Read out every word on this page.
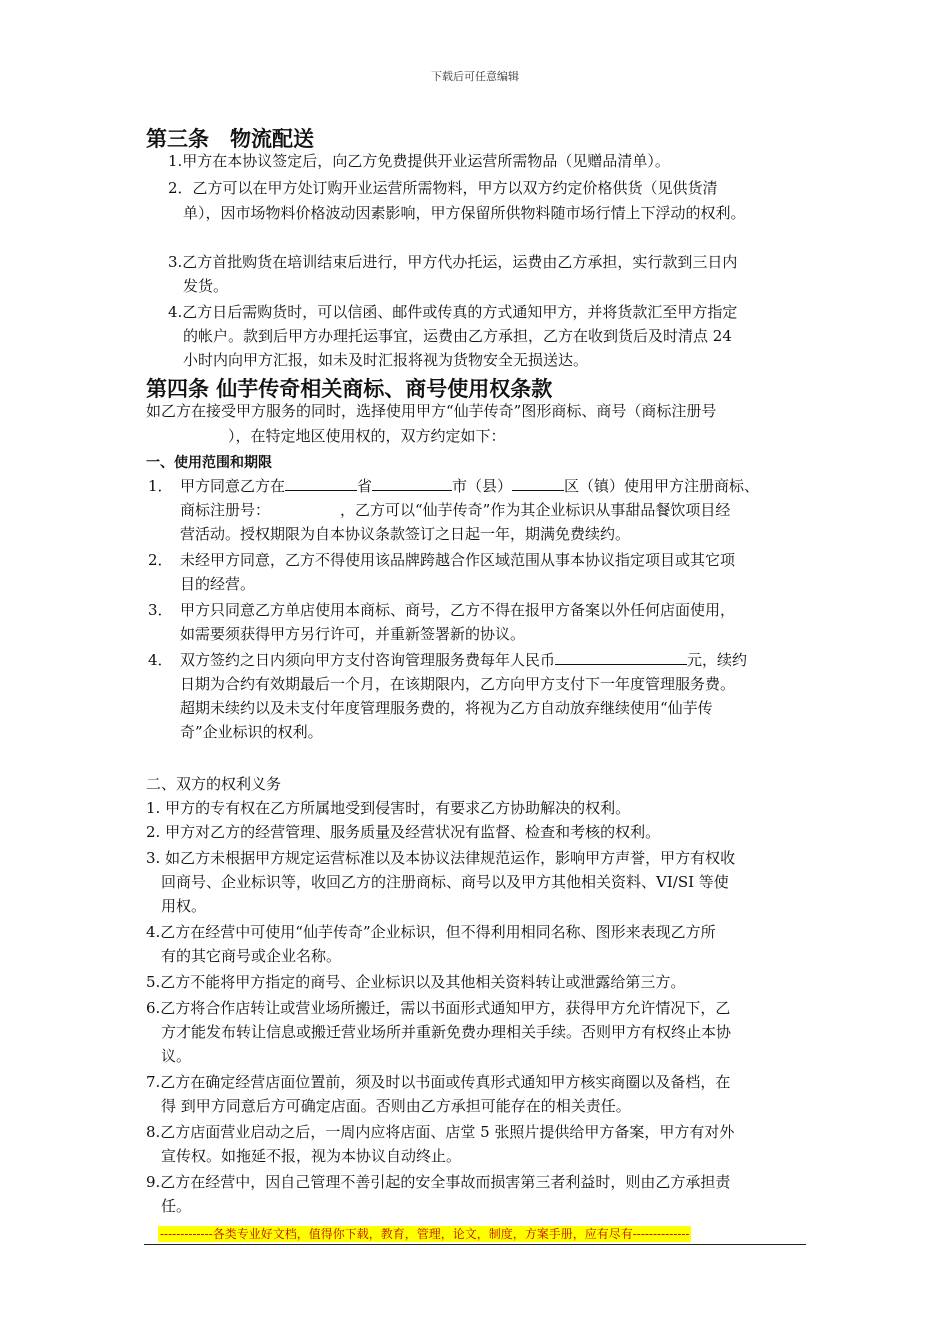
下载后可任意编辑
第三条　物流配送
1.甲方在本协议签定后，向乙方免费提供开业运营所需物品（见赠品清单）。
2．乙方可以在甲方处订购开业运营所需物料，甲方以双方约定价格供货（见供货清
单），因市场物料价格波动因素影响，甲方保留所供物料随市场行情上下浮动的权利。
3.乙方首批购货在培训结束后进行，甲方代办托运，运费由乙方承担，实行款到三日内
发货。
4.乙方日后需购货时，可以信函、邮件或传真的方式通知甲方，并将货款汇至甲方指定
的帐户。款到后甲方办理托运事宜，运费由乙方承担，乙方在收到货后及时清点 24
小时内向甲方汇报，如未及时汇报将视为货物安全无损送达。
第四条 仙芋传奇相关商标、商号使用权条款
如乙方在接受甲方服务的同时，选择使用甲方“仙芋传奇”图形商标、商号（商标注册号
），在特定地区使用权的，双方约定如下：
一、使用范围和期限
1． 甲方同意乙方在	省	市（县）	区（镇）使用甲方注册商标、
商标注册号：	，乙方可以“仙芋传奇”作为其企业标识从事甜品餐饮项目经
营活动。授权期限为自本协议条款签订之日起一年，期满免费续约。
2． 未经甲方同意，乙方不得使用该品牌跨越合作区域范围从事本协议指定项目或其它项
目的经营。
3． 甲方只同意乙方单店使用本商标、商号，乙方不得在报甲方备案以外任何店面使用，
如需要须获得甲方另行许可，并重新签署新的协议。
4． 双方签约之日内须向甲方支付咨询管理服务费每年人民币	元，续约
日期为合约有效期最后一个月，在该期限内，乙方向甲方支付下一年度管理服务费。
超期未续约以及未支付年度管理服务费的，将视为乙方自动放弃继续使用“仙芋传
奇”企业标识的权利。
二、双方的权利义务
1. 甲方的专有权在乙方所属地受到侵害时，有要求乙方协助解决的权利。
2. 甲方对乙方的经营管理、服务质量及经营状况有监督、检查和考核的权利。
3. 如乙方未根据甲方规定运营标准以及本协议法律规范运作，影响甲方声誉，甲方有权收
回商号、企业标识等，收回乙方的注册商标、商号以及甲方其他相关资料、VI/SI 等使
用权。
4.乙方在经营中可使用“仙芋传奇”企业标识，但不得利用相同名称、图形来表现乙方所
有的其它商号或企业名称。
5.乙方不能将甲方指定的商号、企业标识以及其他相关资料转让或泄露给第三方。
6.乙方将合作店转让或营业场所搬迁，需以书面形式通知甲方，获得甲方允许情况下，乙
方才能发布转让信息或搬迁营业场所并重新免费办理相关手续。否则甲方有权终止本协
议。
7.乙方在确定经营店面位置前，须及时以书面或传真形式通知甲方核实商圈以及备档，在
得 到甲方同意后方可确定店面。否则由乙方承担可能存在的相关责任。
8.乙方店面营业启动之后，一周内应将店面、店堂 5 张照片提供给甲方备案，甲方有对外
宣传权。如拖延不报，视为本协议自动终止。
9.乙方在经营中，因自己管理不善引起的安全事故而损害第三者利益时，则由乙方承担责
任。
-------------各类专业好文档，值得你下载，教育，管理，论文，制度，方案手册，应有尽有--------------
